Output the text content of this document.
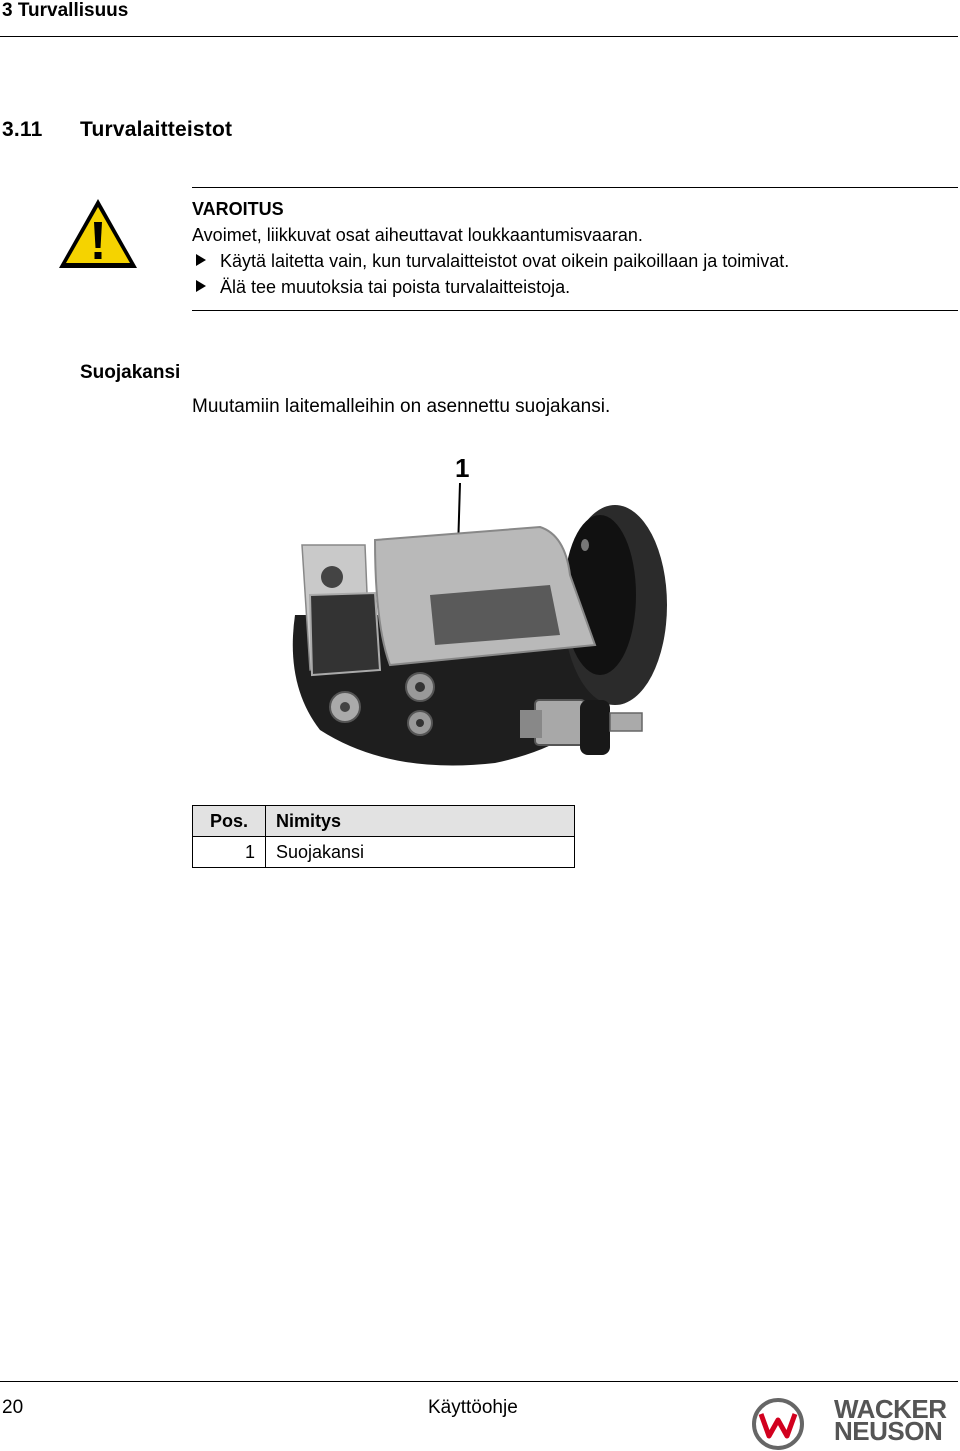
3 Turvallisuus
3.11 Turvalaitteistot
VAROITUS
Avoimet, liikkuvat osat aiheuttavat loukkaantumisvaaran.
Käytä laitetta vain, kun turvalaitteistot ovat oikein paikoillaan ja toimivat.
Älä tee muutoksia tai poista turvalaitteistoja.
Suojakansi
Muutamiin laitemalleihin on asennettu suojakansi.
1
Pos.	Nimitys
1	Suojakansi
20	Käyttöohje	WACKER
NEUSON
